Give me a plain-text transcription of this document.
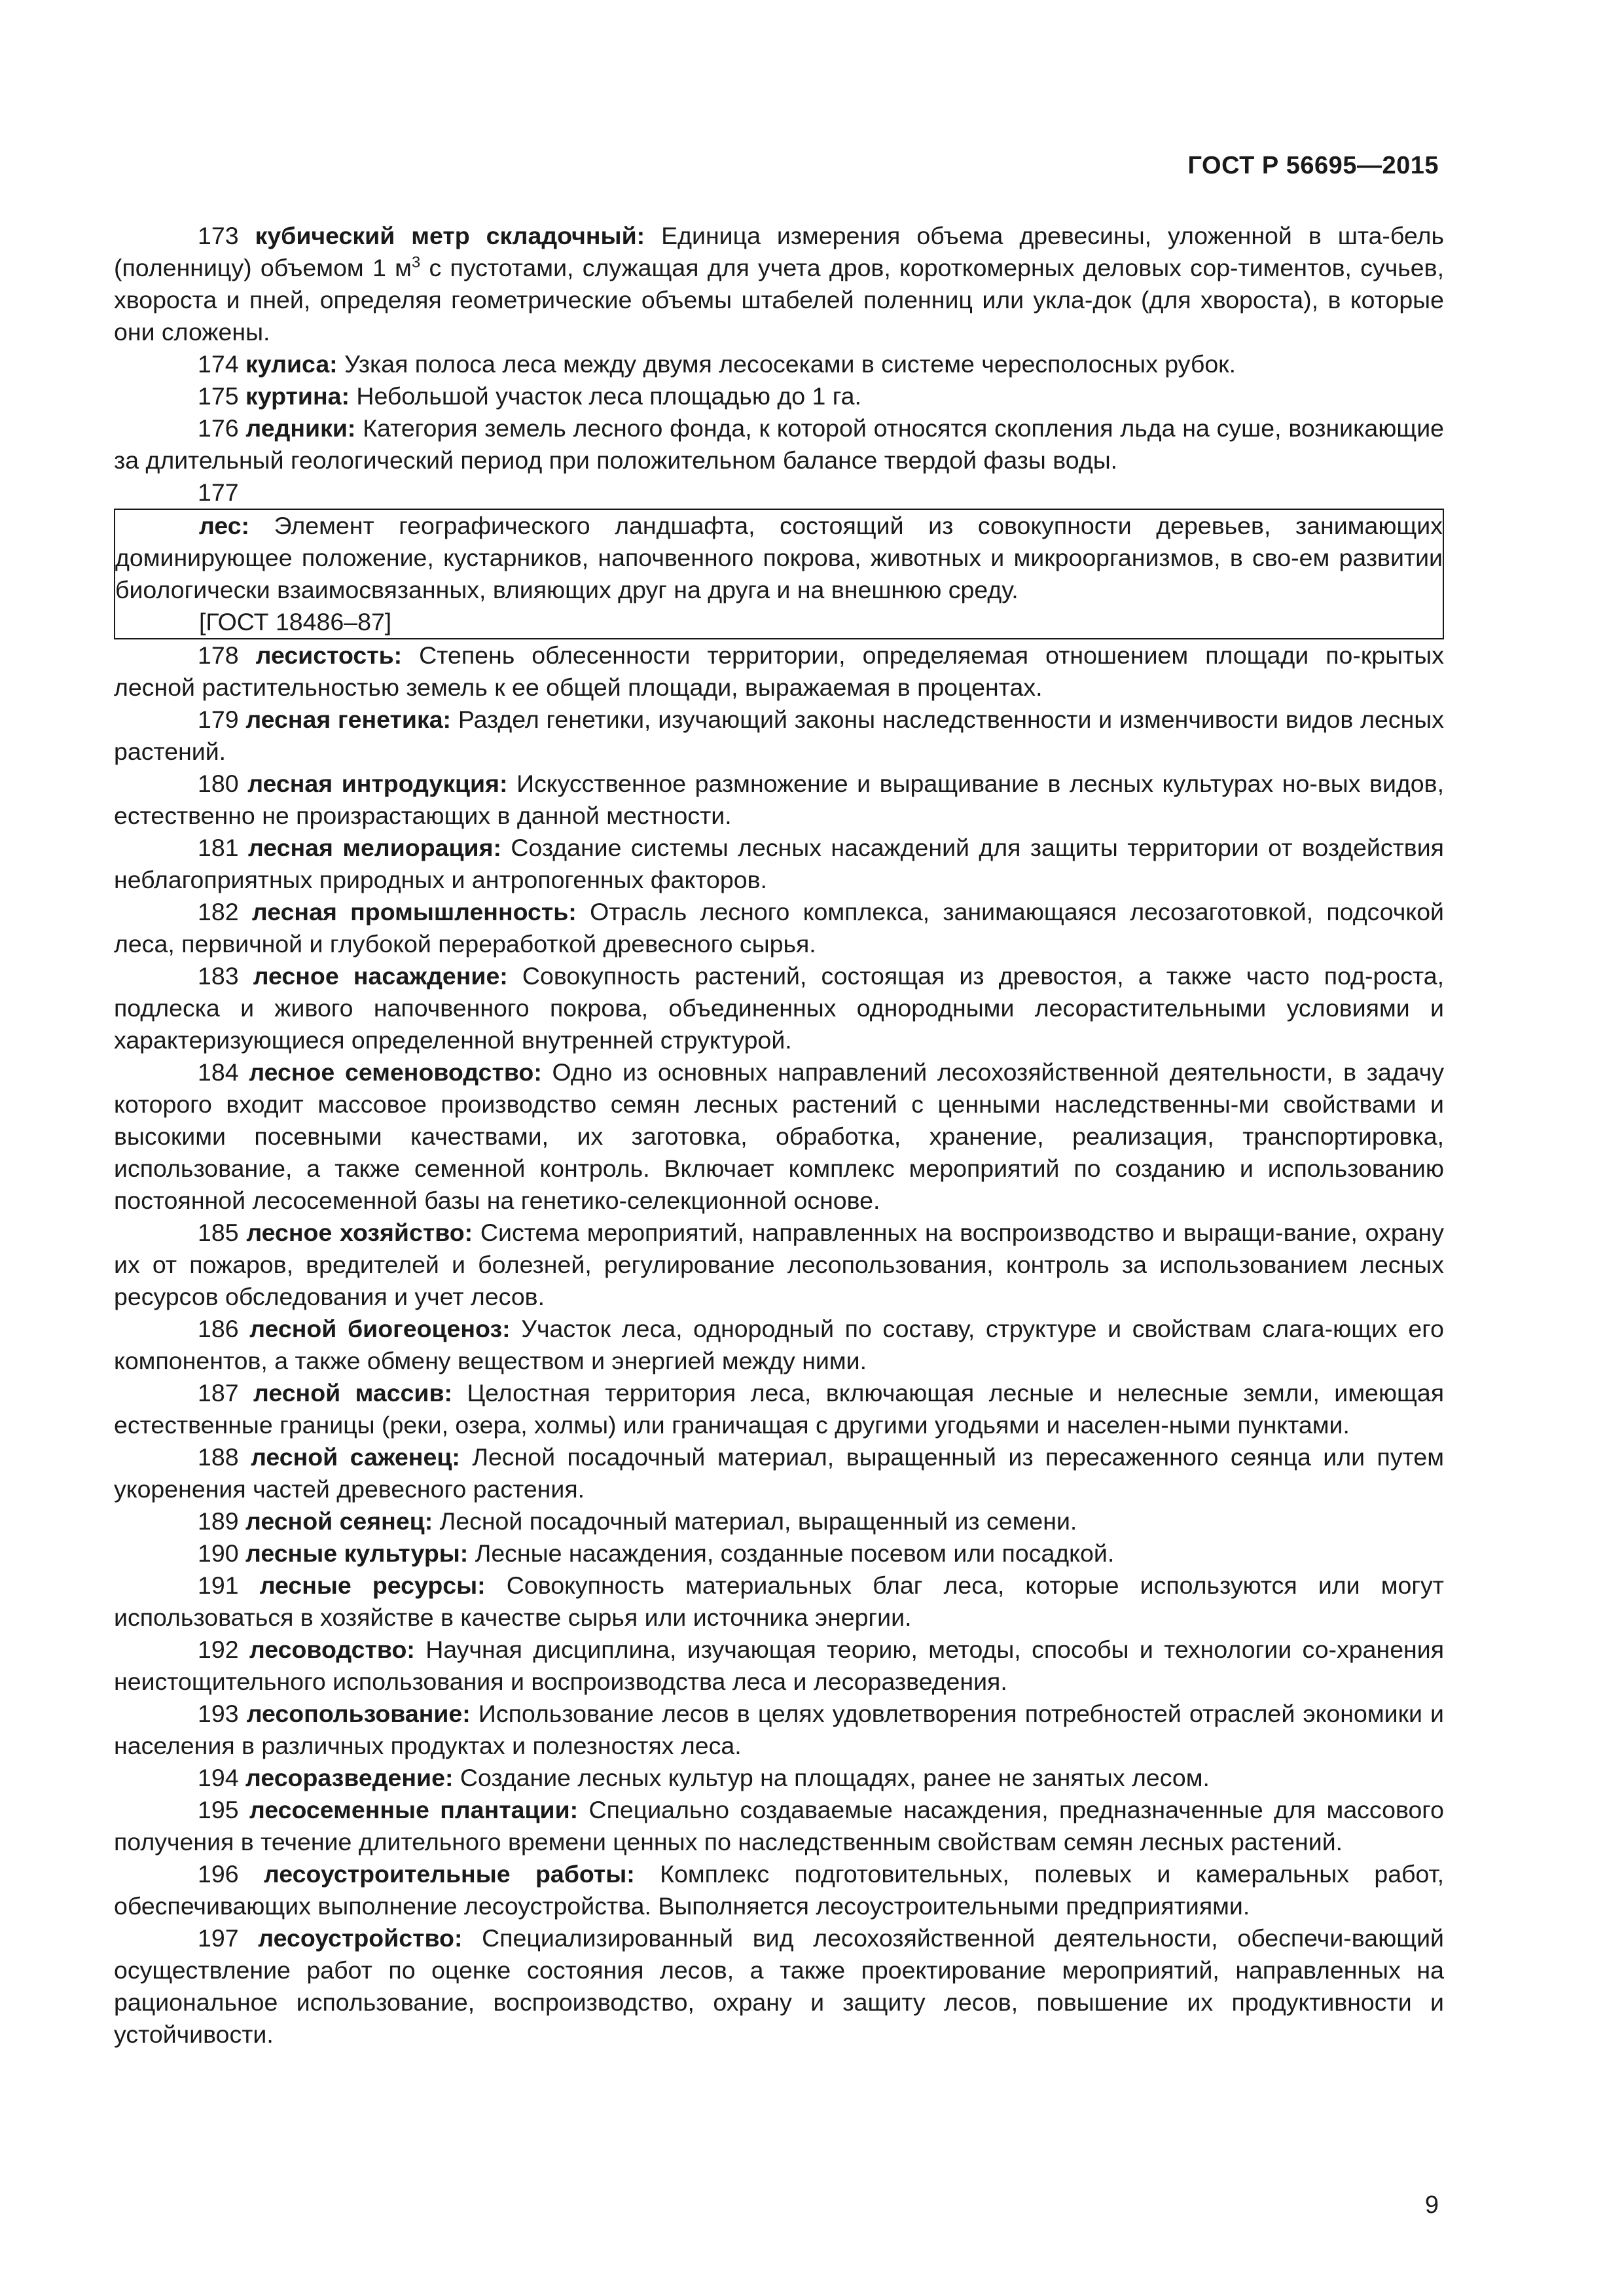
ГОСТ Р 56695—2015

173 кубический метр складочный: Единица измерения объема древесины, уложенной в шта-бель (поленницу) объемом 1 $м^3$ с пустотами, служащая для учета дров, короткомерных деловых сор-тиментов, сучьев, хвороста и пней, определяя геометрические объемы штабелей поленниц или укла-док (для хвороста), в которые они сложены.

174 кулиса: Узкая полоса леса между двумя лесосеками в системе чересполосных рубок.

175 куртина: Небольшой участок леса площадью до 1 га.

176 ледники: Категория земель лесного фонда, к которой относятся скопления льда на суше, возникающие за длительный геологический период при положительном балансе твердой фазы воды.

177

лес: Элемент географического ландшафта, состоящий из совокупности деревьев, занимающих доминирующее положение, кустарников, напочвенного покрова, животных и микроорганизмов, в сво-ем развитии биологически взаимосвязанных, влияющих друг на друга и на внешнюю среду.

[ГОСТ 18486–87]

178 лесистость: Степень облесенности территории, определяемая отношением площади по-крытых лесной растительностью земель к ее общей площади, выражаемая в процентах.

179 лесная генетика: Раздел генетики, изучающий законы наследственности и изменчивости видов лесных растений.

180 лесная интродукция: Искусственное размножение и выращивание в лесных культурах но-вых видов, естественно не произрастающих в данной местности.

181 лесная мелиорация: Создание системы лесных насаждений для защиты территории от воздействия неблагоприятных природных и антропогенных факторов.

182 лесная промышленность: Отрасль лесного комплекса, занимающаяся лесозаготовкой, подсочкой леса, первичной и глубокой переработкой древесного сырья.

183 лесное насаждение: Совокупность растений, состоящая из древостоя, а также часто под-роста, подлеска и живого напочвенного покрова, объединенных однородными лесорастительными условиями и характеризующиеся определенной внутренней структурой.

184 лесное семеноводство: Одно из основных направлений лесохозяйственной деятельности, в задачу которого входит массовое производство семян лесных растений с ценными наследственны-ми свойствами и высокими посевными качествами, их заготовка, обработка, хранение, реализация, транспортировка, использование, а также семенной контроль. Включает комплекс мероприятий по созданию и использованию постоянной лесосеменной базы на генетико-селекционной основе.

185 лесное хозяйство: Система мероприятий, направленных на воспроизводство и выращи-вание, охрану их от пожаров, вредителей и болезней, регулирование лесопользования, контроль за использованием лесных ресурсов обследования и учет лесов.

186 лесной биогеоценоз: Участок леса, однородный по составу, структуре и свойствам слага-ющих его компонентов, а также обмену веществом и энергией между ними.

187 лесной массив: Целостная территория леса, включающая лесные и нелесные земли, имеющая естественные границы (реки, озера, холмы) или граничащая с другими угодьями и населен-ными пунктами.

188 лесной саженец: Лесной посадочный материал, выращенный из пересаженного сеянца или путем укоренения частей древесного растения.

189 лесной сеянец: Лесной посадочный материал, выращенный из семени.

190 лесные культуры: Лесные насаждения, созданные посевом или посадкой.

191 лесные ресурсы: Совокупность материальных благ леса, которые используются или могут использоваться в хозяйстве в качестве сырья или источника энергии.

192 лесоводство: Научная дисциплина, изучающая теорию, методы, способы и технологии со-хранения неистощительного использования и воспроизводства леса и лесоразведения.

193 лесопользование: Использование лесов в целях удовлетворения потребностей отраслей экономики и населения в различных продуктах и полезностях леса.

194 лесоразведение: Создание лесных культур на площадях, ранее не занятых лесом.

195 лесосеменные плантации: Специально создаваемые насаждения, предназначенные для массового получения в течение длительного времени ценных по наследственным свойствам семян лесных растений.

196 лесоустроительные работы: Комплекс подготовительных, полевых и камеральных работ, обеспечивающих выполнение лесоустройства. Выполняется лесоустроительными предприятиями.

197 лесоустройство: Специализированный вид лесохозяйственной деятельности, обеспечи-вающий осуществление работ по оценке состояния лесов, а также проектирование мероприятий, направленных на рациональное использование, воспроизводство, охрану и защиту лесов, повышение их продуктивности и устойчивости.

9
